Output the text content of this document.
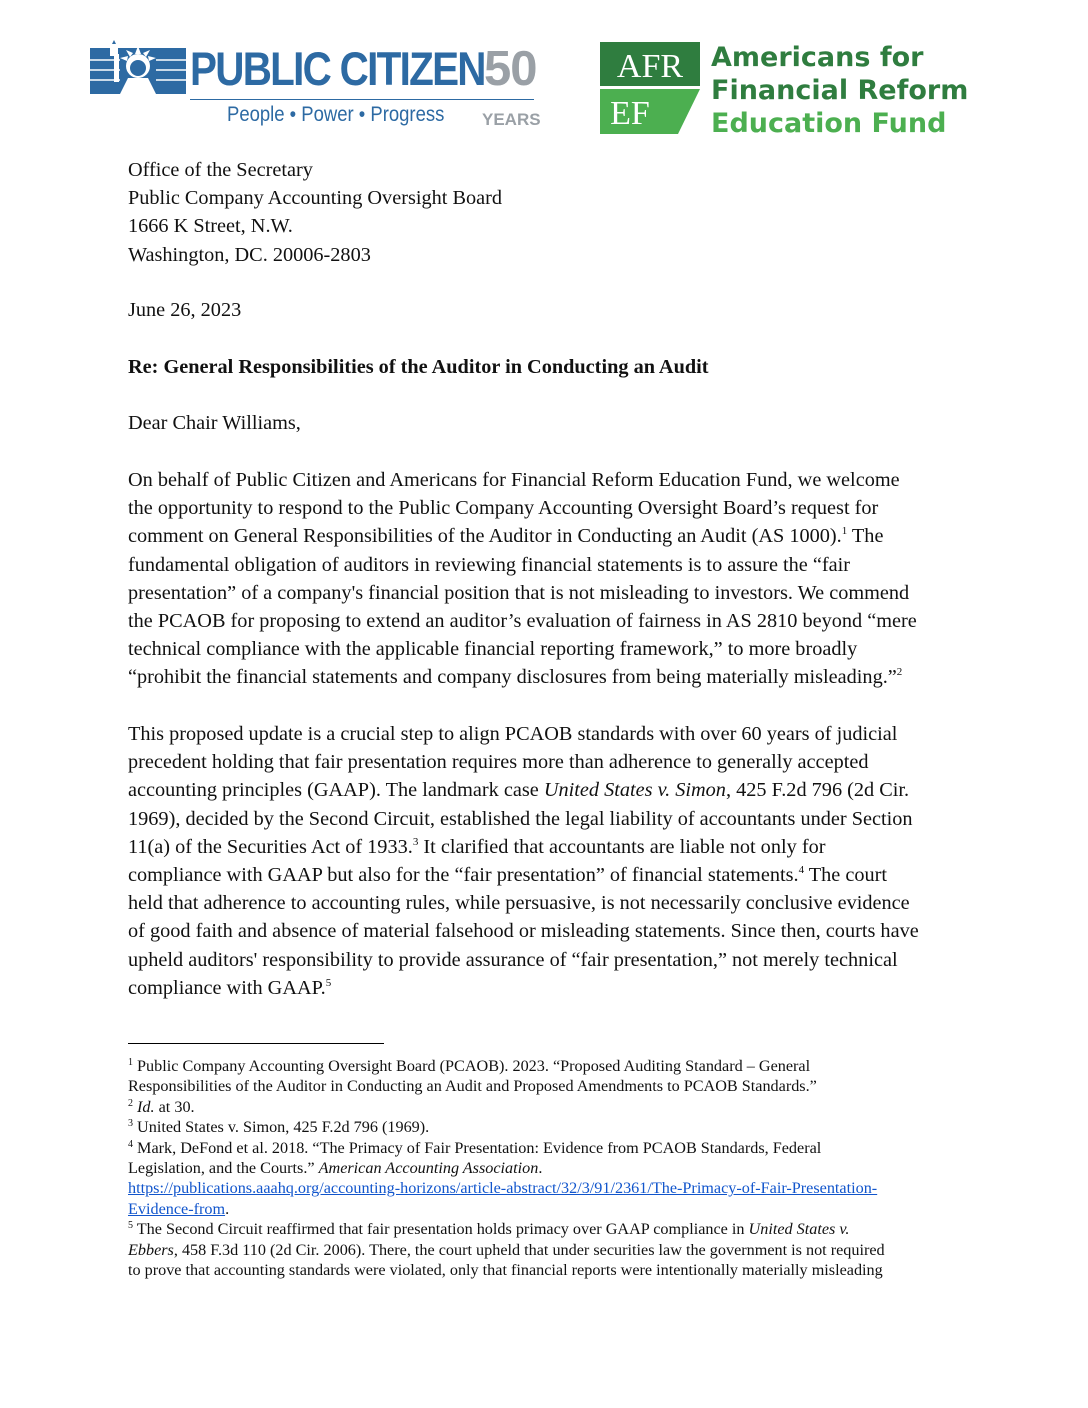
PUBLIC CITIZEN 50
People • Power • Progress YEARS
AFR
EF
Americans for
Financial Reform
Education Fund
Office of the Secretary
Public Company Accounting Oversight Board
1666 K Street, N.W.
Washington, DC. 20006-2803
June 26, 2023
Re: General Responsibilities of the Auditor in Conducting an Audit
Dear Chair Williams,
On behalf of Public Citizen and Americans for Financial Reform Education Fund, we welcome
the opportunity to respond to the Public Company Accounting Oversight Board’s request for
comment on General Responsibilities of the Auditor in Conducting an Audit (AS 1000).$^1$ The
fundamental obligation of auditors in reviewing financial statements is to assure the “fair
presentation” of a company's financial position that is not misleading to investors. We commend
the PCAOB for proposing to extend an auditor’s evaluation of fairness in AS 2810 beyond “mere
technical compliance with the applicable financial reporting framework,” to more broadly
“prohibit the financial statements and company disclosures from being materially misleading.”$^2$
This proposed update is a crucial step to align PCAOB standards with over 60 years of judicial
precedent holding that fair presentation requires more than adherence to generally accepted
accounting principles (GAAP). The landmark case United States v. Simon, 425 F.2d 796 (2d Cir.
1969), decided by the Second Circuit, established the legal liability of accountants under Section
11(a) of the Securities Act of 1933.$^3$ It clarified that accountants are liable not only for
compliance with GAAP but also for the “fair presentation” of financial statements.$^4$ The court
held that adherence to accounting rules, while persuasive, is not necessarily conclusive evidence
of good faith and absence of material falsehood or misleading statements. Since then, courts have
upheld auditors' responsibility to provide assurance of “fair presentation,” not merely technical
compliance with GAAP.$^5$
$^1$ Public Company Accounting Oversight Board (PCAOB). 2023. “Proposed Auditing Standard – General
Responsibilities of the Auditor in Conducting an Audit and Proposed Amendments to PCAOB Standards.”
$^2$ Id. at 30.
$^3$ United States v. Simon, 425 F.2d 796 (1969).
$^4$ Mark, DeFond et al. 2018. “The Primacy of Fair Presentation: Evidence from PCAOB Standards, Federal
Legislation, and the Courts.” American Accounting Association.
https://publications.aaahq.org/accounting-horizons/article-abstract/32/3/91/2361/The-Primacy-of-Fair-Presentation-
Evidence-from.
$^5$ The Second Circuit reaffirmed that fair presentation holds primacy over GAAP compliance in United States v.
Ebbers, 458 F.3d 110 (2d Cir. 2006). There, the court upheld that under securities law the government is not required
to prove that accounting standards were violated, only that financial reports were intentionally materially misleading
